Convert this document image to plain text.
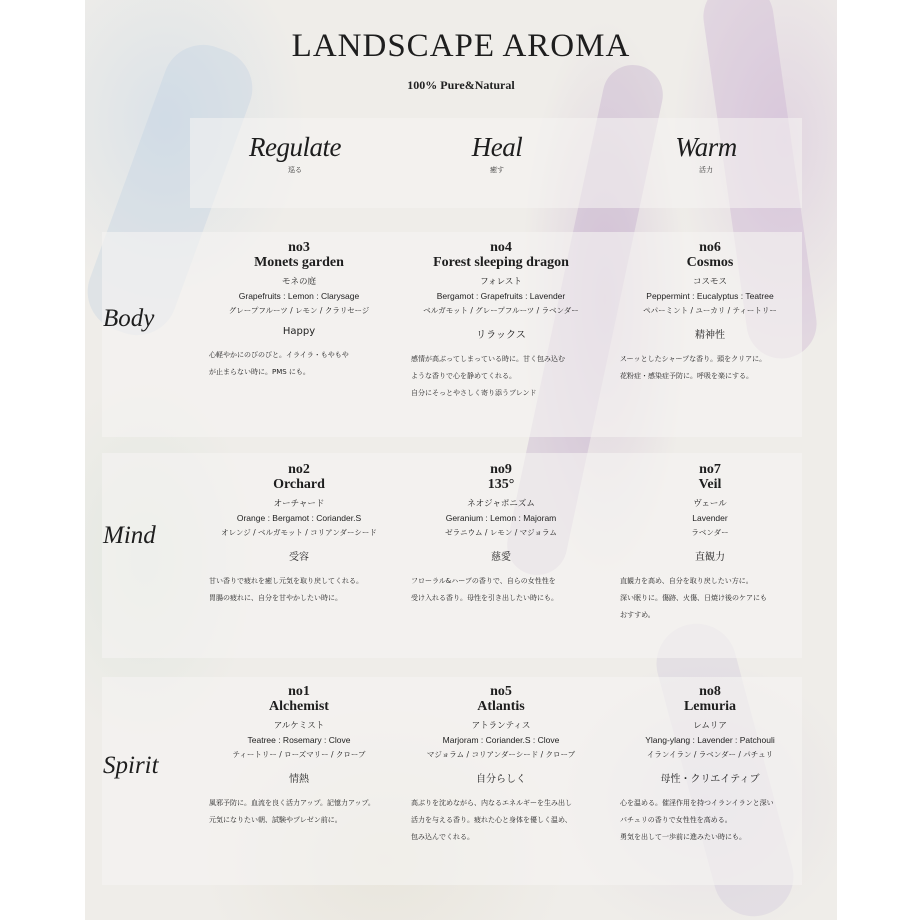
LANDSCAPE AROMA
100% Pure&Natural
Regulate
巡る
Heal
癒す
Warm
活力
Body
no3
Monets garden
モネの庭
Grapefruits : Lemon : Clarysage
グレープフルーツ / レモン / クラリセージ
Happy
心軽やかにのびのびと。イライラ・もやもや
が止まらない時に。PMS にも。
no4
Forest sleeping dragon
フォレスト
Bergamot : Grapefruits : Lavender
ベルガモット / グレープフルーツ / ラベンダー
リラックス
感情が高ぶってしまっている時に。甘く包み込む
ような香りで心を静めてくれる。
自分にそっとやさしく寄り添うブレンド
no6
Cosmos
コスモス
Peppermint : Eucalyptus : Teatree
ペパーミント / ユーカリ / ティートリー
精神性
スーッとしたシャープな香り。頭をクリアに。
花粉症・感染症予防に。呼吸を楽にする。
Mind
no2
Orchard
オーチャード
Orange : Bergamot : Coriander.S
オレンジ / ベルガモット / コリアンダーシード
受容
甘い香りで疲れを癒し元気を取り戻してくれる。
胃腸の疲れに、自分を甘やかしたい時に。
no9
135°
ネオジャポニズム
Geranium : Lemon : Majoram
ゼラニウム / レモン / マジョラム
慈愛
フローラル&ハーブの香りで、自らの女性性を
受け入れる香り。母性を引き出したい時にも。
no7
Veil
ヴェール
Lavender
ラベンダー
直観力
直観力を高め、自分を取り戻したい方に。
深い眠りに。傷跡、火傷、日焼け後のケアにも
おすすめ。
Spirit
no1
Alchemist
アルケミスト
Teatree : Rosemary : Clove
ティートリー / ローズマリー / クローブ
情熱
風邪予防に。血流を良く活力アップ。記憶力アップ。
元気になりたい朝、試験やプレゼン前に。
no5
Atlantis
アトランティス
Marjoram : Coriander.S : Clove
マジョラム / コリアンダーシード / クローブ
自分らしく
高ぶりを沈めながら、内なるエネルギーを生み出し
活力を与える香り。疲れた心と身体を優しく温め、
包み込んでくれる。
no8
Lemuria
レムリア
Ylang-ylang : Lavender : Patchouli
イランイラン / ラベンダー / パチュリ
母性・クリエイティブ
心を温める。催淫作用を持つイランイランと深い
パチュリの香りで女性性を高める。
勇気を出して一歩前に進みたい時にも。
